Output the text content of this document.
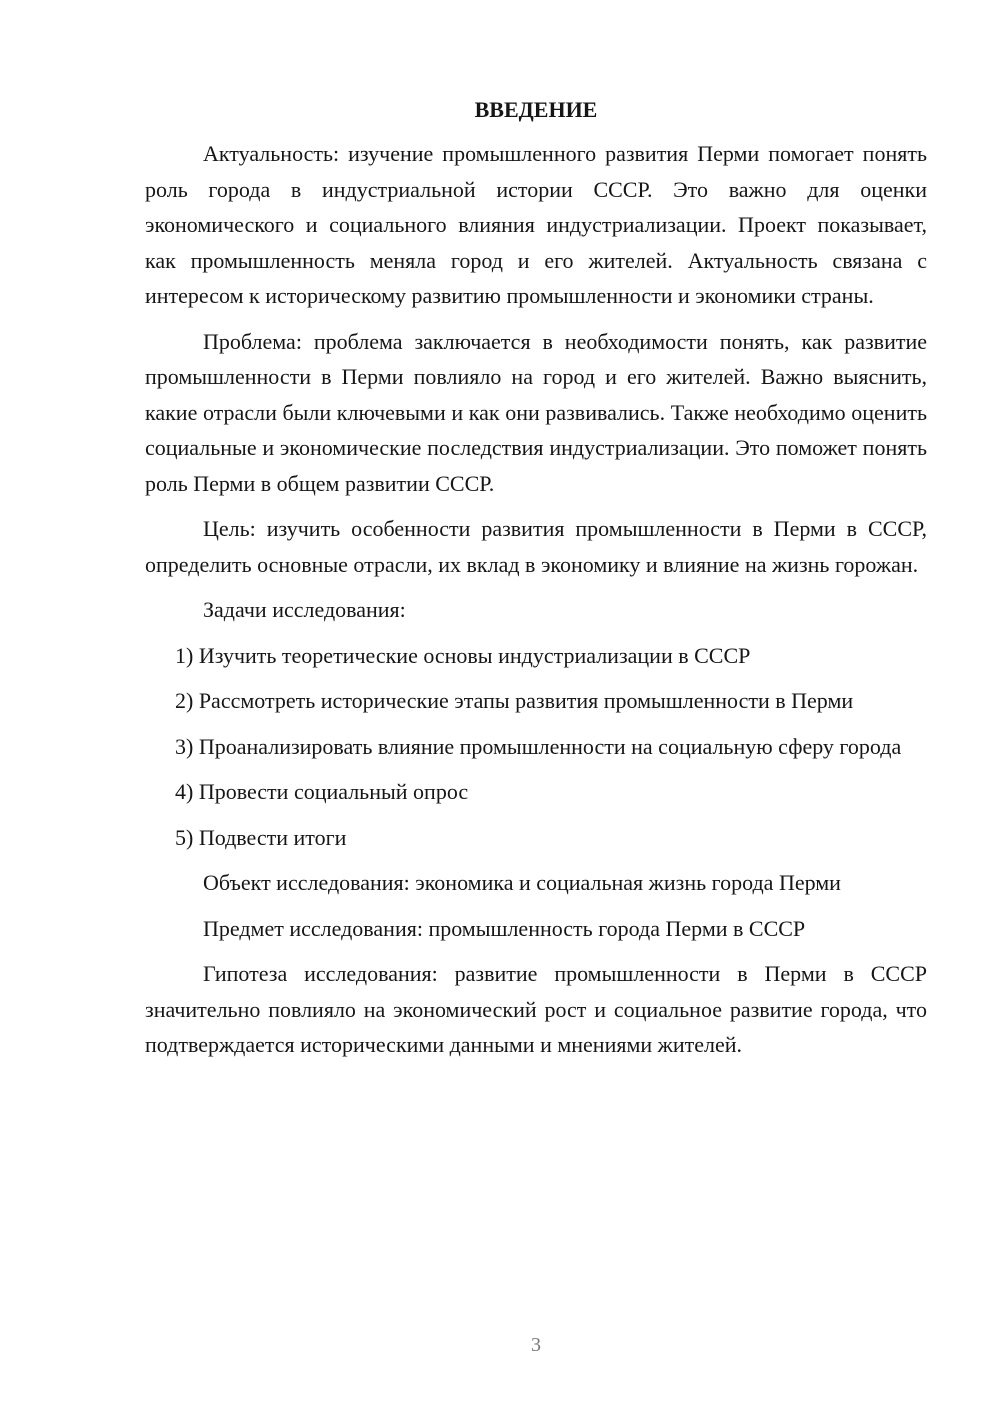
ВВЕДЕНИЕ

Актуальность: изучение промышленного развития Перми помогает понять роль города в индустриальной истории СССР. Это важно для оценки экономического и социального влияния индустриализации. Проект показывает, как промышленность меняла город и его жителей. Актуальность связана с интересом к историческому развитию промышленности и экономики страны.

Проблема: проблема заключается в необходимости понять, как развитие промышленности в Перми повлияло на город и его жителей. Важно выяснить, какие отрасли были ключевыми и как они развивались. Также необходимо оценить социальные и экономические последствия индустриализации. Это поможет понять роль Перми в общем развитии СССР.

Цель: изучить особенности развития промышленности в Перми в СССР, определить основные отрасли, их вклад в экономику и влияние на жизнь горожан.

Задачи исследования:

1) Изучить теоретические основы индустриализации в СССР

2) Рассмотреть исторические этапы развития промышленности в Перми

3) Проанализировать влияние промышленности на социальную сферу города

4) Провести социальный опрос

5) Подвести итоги

Объект исследования: экономика и социальная жизнь города Перми

Предмет исследования: промышленность города Перми в СССР

Гипотеза исследования: развитие промышленности в Перми в СССР значительно повлияло на экономический рост и социальное развитие города, что подтверждается историческими данными и мнениями жителей.

3
